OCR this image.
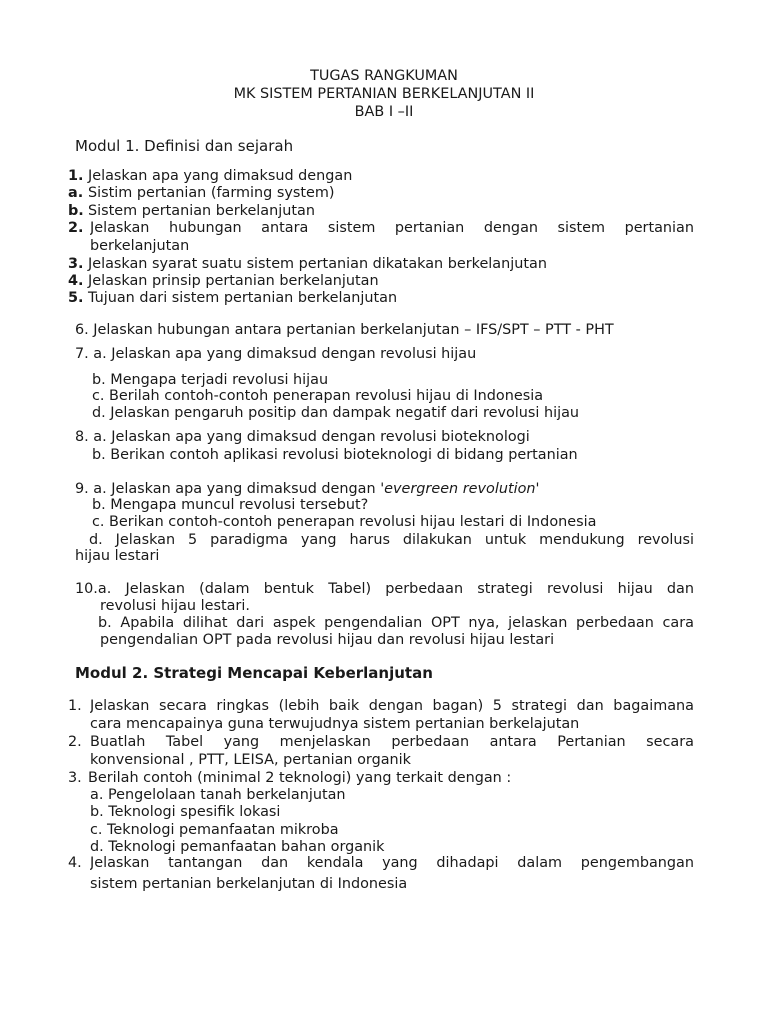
TUGAS RANGKUMAN
MK SISTEM PERTANIAN BERKELANJUTAN II
BAB I –II
Modul 1. Definisi dan sejarah
1. Jelaskan apa yang dimaksud dengan
a. Sistim pertanian (farming system)
b. Sistem pertanian berkelanjutan
2. Jelaskan hubungan antara sistem pertanian dengan sistem pertanian
berkelanjutan
3. Jelaskan syarat suatu sistem pertanian dikatakan berkelanjutan
4. Jelaskan prinsip pertanian berkelanjutan
5. Tujuan dari sistem pertanian berkelanjutan
6. Jelaskan hubungan antara pertanian berkelanjutan – IFS/SPT – PTT - PHT
7. a. Jelaskan apa yang dimaksud dengan revolusi hijau
b. Mengapa terjadi revolusi hijau
c. Berilah contoh-contoh penerapan revolusi hijau di Indonesia
d. Jelaskan pengaruh positip dan dampak negatif dari revolusi hijau
8. a. Jelaskan apa yang dimaksud dengan revolusi bioteknologi
b. Berikan contoh aplikasi revolusi bioteknologi di bidang pertanian
9. a. Jelaskan apa yang dimaksud dengan 'evergreen revolution'
b. Mengapa muncul revolusi tersebut?
c. Berikan contoh-contoh penerapan revolusi hijau lestari di Indonesia
d. Jelaskan 5 paradigma yang harus dilakukan untuk mendukung revolusi
hijau lestari
10.a. Jelaskan (dalam bentuk Tabel) perbedaan strategi revolusi hijau dan
revolusi hijau lestari.
b. Apabila dilihat dari aspek pengendalian OPT nya, jelaskan perbedaan cara
pengendalian OPT pada revolusi hijau dan revolusi hijau lestari
Modul 2. Strategi Mencapai Keberlanjutan
1. Jelaskan secara ringkas (lebih baik dengan bagan) 5 strategi dan bagaimana
cara mencapainya guna terwujudnya sistem pertanian berkelajutan
2. Buatlah Tabel yang menjelaskan perbedaan antara Pertanian secara
konvensional , PTT, LEISA, pertanian organik
3. Berilah contoh (minimal 2 teknologi) yang terkait dengan :
a. Pengelolaan tanah berkelanjutan
b. Teknologi spesifik lokasi
c. Teknologi pemanfaatan mikroba
d. Teknologi pemanfaatan bahan organik
4. Jelaskan tantangan dan kendala yang dihadapi dalam pengembangan
sistem pertanian berkelanjutan di Indonesia
